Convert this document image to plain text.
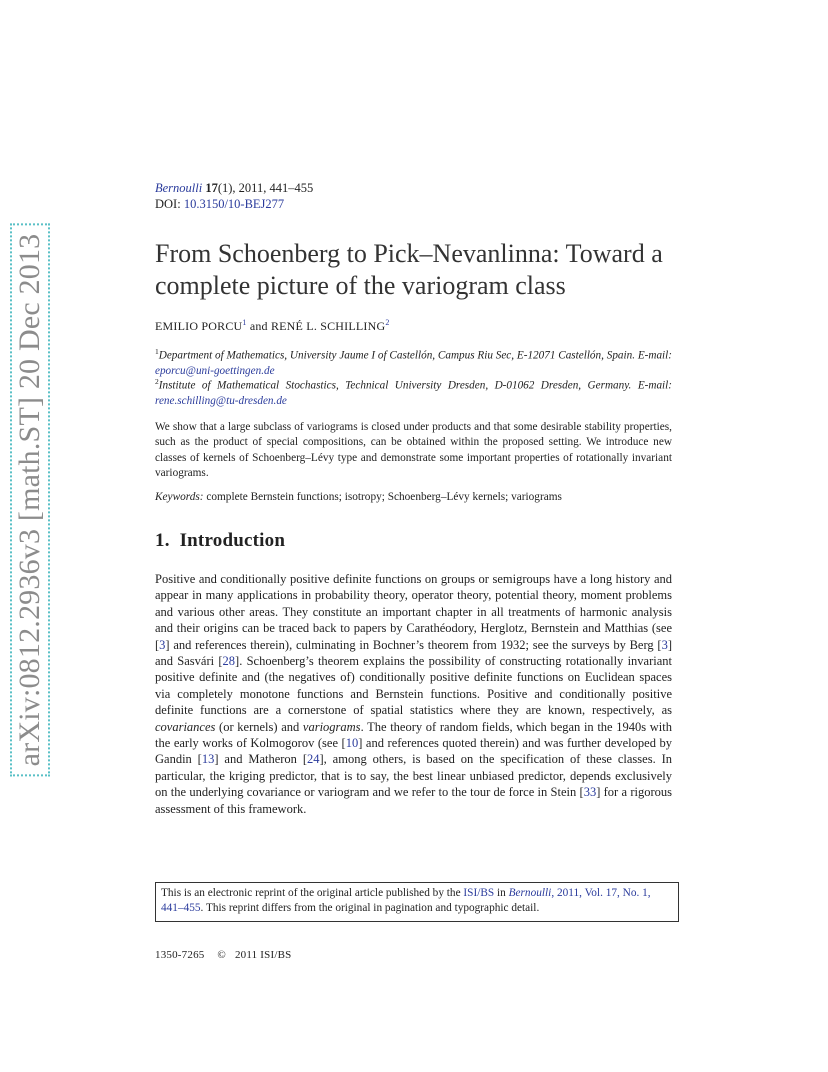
arXiv:0812.2936v3 [math.ST] 20 Dec 2013
Bernoulli 17(1), 2011, 441–455
DOI: 10.3150/10-BEJ277
From Schoenberg to Pick–Nevanlinna: Toward a complete picture of the variogram class
EMILIO PORCU$^1$ and RENÉ L. SCHILLING$^2$
$^1$Department of Mathematics, University Jaume I of Castellón, Campus Riu Sec, E-12071 Castellón, Spain. E-mail: eporcu@uni-goettingen.de
$^2$Institute of Mathematical Stochastics, Technical University Dresden, D-01062 Dresden, Germany. E-mail: rene.schilling@tu-dresden.de
We show that a large subclass of variograms is closed under products and that some desirable stability properties, such as the product of special compositions, can be obtained within the proposed setting. We introduce new classes of kernels of Schoenberg–Lévy type and demonstrate some important properties of rotationally invariant variograms.
Keywords: complete Bernstein functions; isotropy; Schoenberg–Lévy kernels; variograms
1. Introduction
Positive and conditionally positive definite functions on groups or semigroups have a long history and appear in many applications in probability theory, operator theory, potential theory, moment problems and various other areas. They constitute an important chapter in all treatments of harmonic analysis and their origins can be traced back to papers by Carathéodory, Herglotz, Bernstein and Matthias (see [3] and references therein), culminating in Bochner’s theorem from 1932; see the surveys by Berg [3] and Sasvári [28]. Schoenberg’s theorem explains the possibility of constructing rotationally invariant positive definite and (the negatives of) conditionally positive definite functions on Euclidean spaces via completely monotone functions and Bernstein functions. Positive and conditionally positive definite functions are a cornerstone of spatial statistics where they are known, respectively, as covariances (or kernels) and variograms. The theory of random fields, which began in the 1940s with the early works of Kolmogorov (see [10] and references quoted therein) and was further developed by Gandin [13] and Matheron [24], among others, is based on the specification of these classes. In particular, the kriging predictor, that is to say, the best linear unbiased predictor, depends exclusively on the underlying covariance or variogram and we refer to the tour de force in Stein [33] for a rigorous assessment of this framework.
This is an electronic reprint of the original article published by the ISI/BS in Bernoulli, 2011, Vol. 17, No. 1, 441–455. This reprint differs from the original in pagination and typographic detail.
1350-7265 © 2011 ISI/BS
